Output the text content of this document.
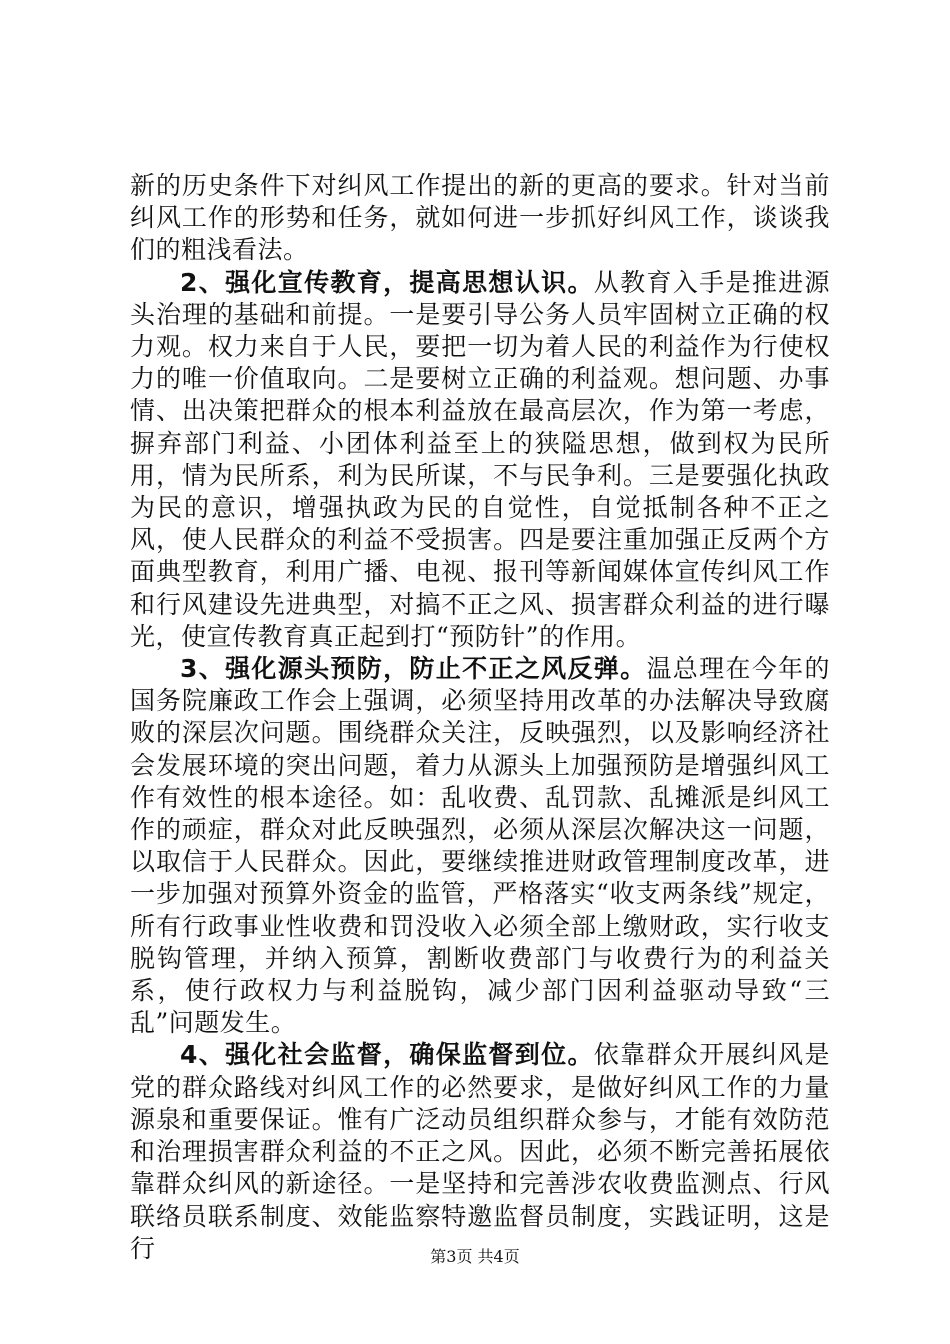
新的历史条件下对纠风工作提出的新的更高的要求。针对当前纠风工作的形势和任务，就如何进一步抓好纠风工作，谈谈我们的粗浅看法。

2、强化宣传教育，提高思想认识。从教育入手是推进源头治理的基础和前提。一是要引导公务人员牢固树立正确的权力观。权力来自于人民，要把一切为着人民的利益作为行使权力的唯一价值取向。二是要树立正确的利益观。想问题、办事情、出决策把群众的根本利益放在最高层次，作为第一考虑，摒弃部门利益、小团体利益至上的狭隘思想，做到权为民所用，情为民所系，利为民所谋，不与民争利。三是要强化执政为民的意识，增强执政为民的自觉性，自觉抵制各种不正之风，使人民群众的利益不受损害。四是要注重加强正反两个方面典型教育，利用广播、电视、报刊等新闻媒体宣传纠风工作和行风建设先进典型，对搞不正之风、损害群众利益的进行曝光，使宣传教育真正起到打“预防针”的作用。

3、强化源头预防，防止不正之风反弹。温总理在今年的国务院廉政工作会上强调，必须坚持用改革的办法解决导致腐败的深层次问题。围绕群众关注，反映强烈，以及影响经济社会发展环境的突出问题，着力从源头上加强预防是增强纠风工作有效性的根本途径。如：乱收费、乱罚款、乱摊派是纠风工作的顽症，群众对此反映强烈，必须从深层次解决这一问题，以取信于人民群众。因此，要继续推进财政管理制度改革，进一步加强对预算外资金的监管，严格落实“收支两条线”规定，所有行政事业性收费和罚没收入必须全部上缴财政，实行收支脱钩管理，并纳入预算，割断收费部门与收费行为的利益关系，使行政权力与利益脱钩，减少部门因利益驱动导致“三乱”问题发生。

4、强化社会监督，确保监督到位。依靠群众开展纠风是党的群众路线对纠风工作的必然要求，是做好纠风工作的力量源泉和重要保证。惟有广泛动员组织群众参与，才能有效防范和治理损害群众利益的不正之风。因此，必须不断完善拓展依靠群众纠风的新途径。一是坚持和完善涉农收费监测点、行风联络员联系制度、效能监察特邀监督员制度，实践证明，这是行	第3页 共4页
